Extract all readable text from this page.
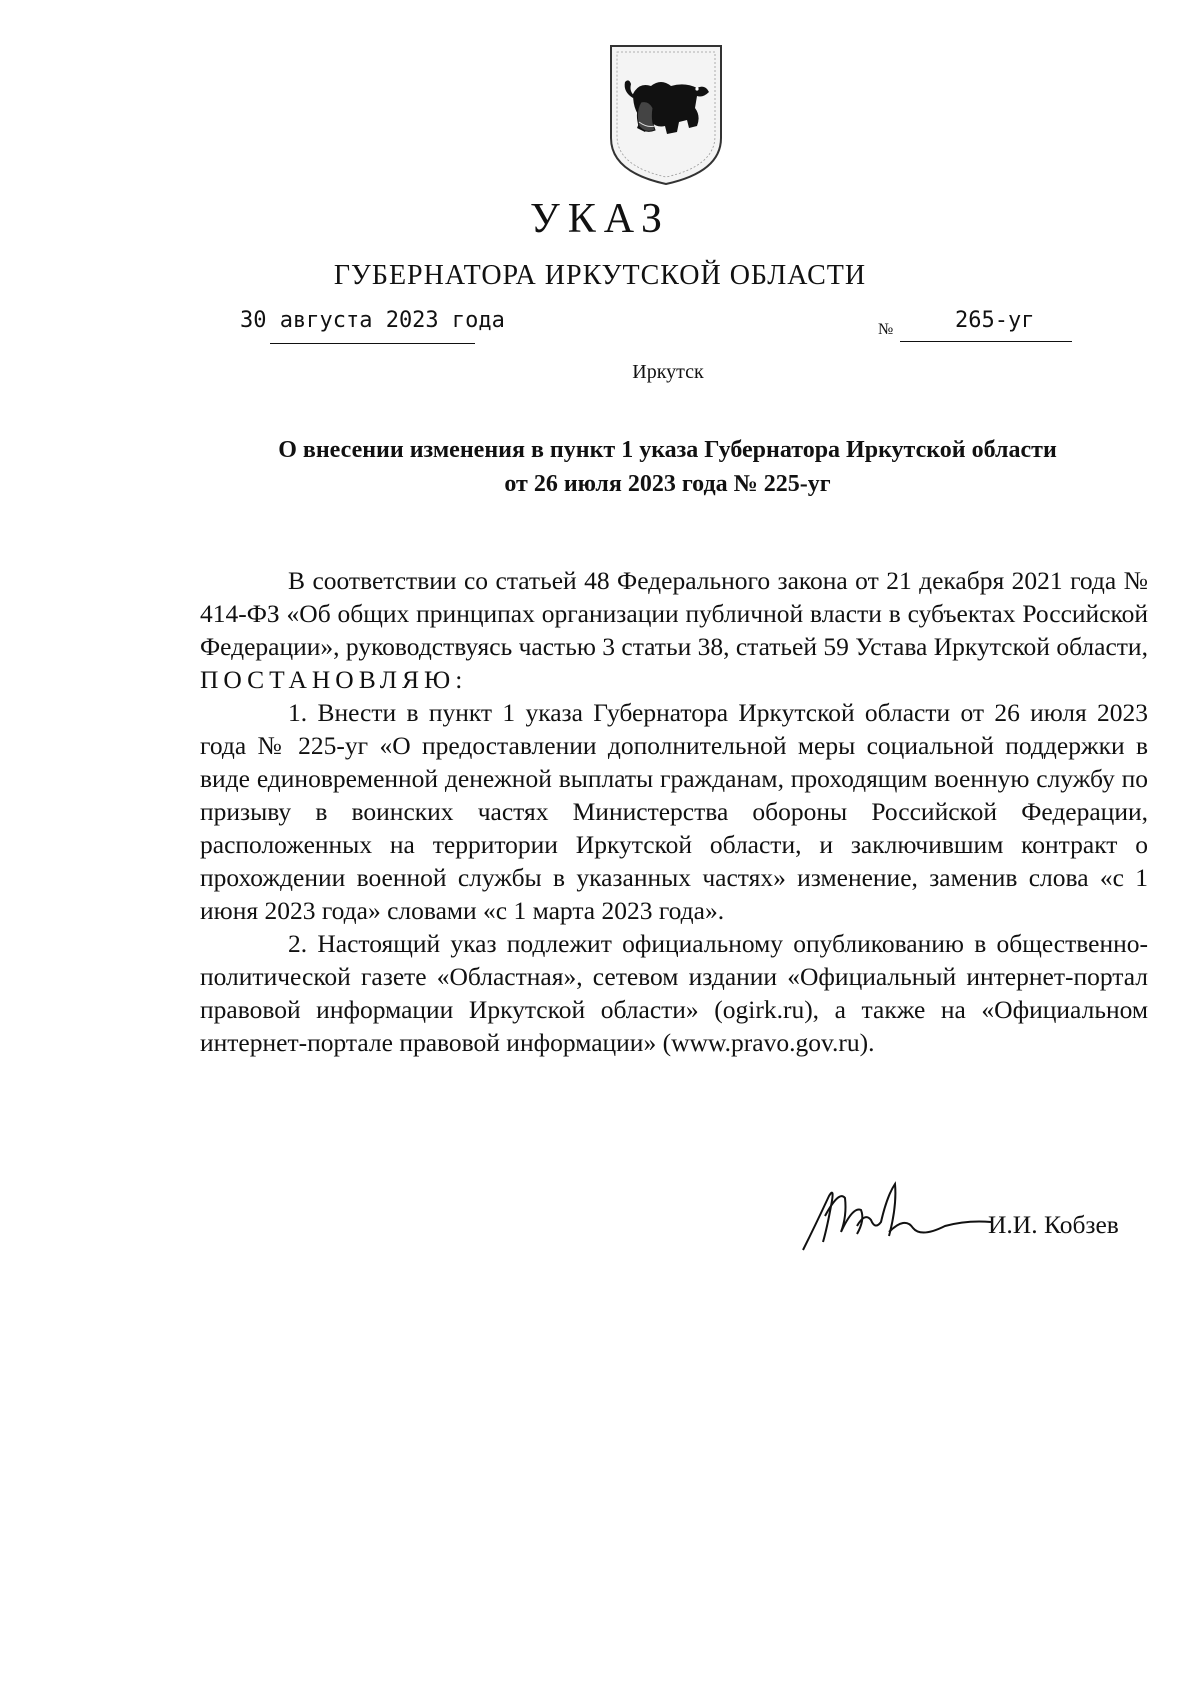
УКАЗ
ГУБЕРНАТОРА ИРКУТСКОЙ ОБЛАСТИ
30 августа 2023 года	№	265-уг
Иркутск
О внесении изменения в пункт 1 указа Губернатора Иркутской области
от 26 июля 2023 года № 225-уг

В соответствии со статьей 48 Федерального закона от 21 декабря 2021 года № 414-ФЗ «Об общих принципах организации публичной власти в субъектах Российской Федерации», руководствуясь частью 3 статьи 38, статьей 59 Устава Иркутской области,

ПОСТАНОВЛЯЮ:

1. Внести в пункт 1 указа Губернатора Иркутской области от 26 июля 2023 года № 225-уг «О предоставлении дополнительной меры социальной поддержки в виде единовременной денежной выплаты гражданам, проходящим военную службу по призыву в воинских частях Министерства обороны Российской Федерации, расположенных на территории Иркутской области, и заключившим контракт о прохождении военной службы в указанных частях» изменение, заменив слова «с 1 июня 2023 года» словами «с 1 марта 2023 года».

2. Настоящий указ подлежит официальному опубликованию в общественно-политической газете «Областная», сетевом издании «Официальный интернет-портал правовой информации Иркутской области» (ogirk.ru), а также на «Официальном интернет-портале правовой информации» (www.pravo.gov.ru).

И.И. Кобзев
